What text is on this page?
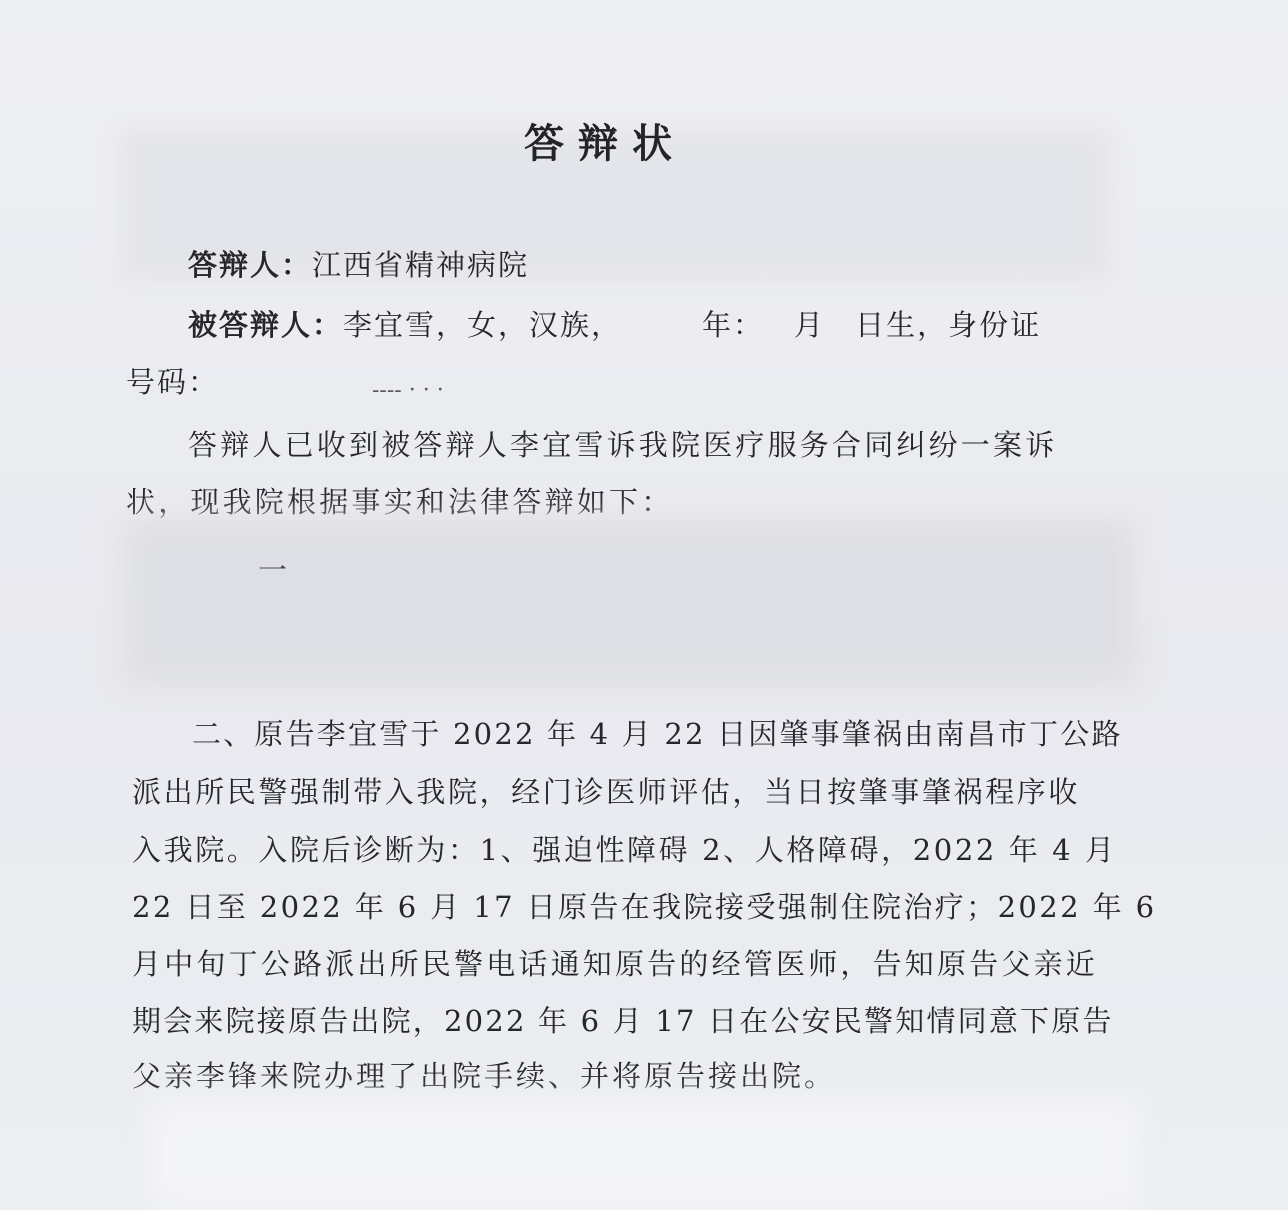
答辩状
答辩人：江西省精神病院
被答辩人：李宜雪，女，汉族，	年： 月 日生，身份证
号码：	‐‐‐‐ · · ·
答辩人已收到被答辩人李宜雪诉我院医疗服务合同纠纷一案诉
状，现我院根据事实和法律答辩如下：
一
二、原告李宜雪于 2022 年 4 月 22 日因肇事肇祸由南昌市丁公路
派出所民警强制带入我院，经门诊医师评估，当日按肇事肇祸程序收
入我院。入院后诊断为：1、强迫性障碍 2、人格障碍，2022 年 4 月
22 日至 2022 年 6 月 17 日原告在我院接受强制住院治疗；2022 年 6
月中旬丁公路派出所民警电话通知原告的经管医师，告知原告父亲近
期会来院接原告出院，2022 年 6 月 17 日在公安民警知情同意下原告
父亲李锋来院办理了出院手续、并将原告接出院。
